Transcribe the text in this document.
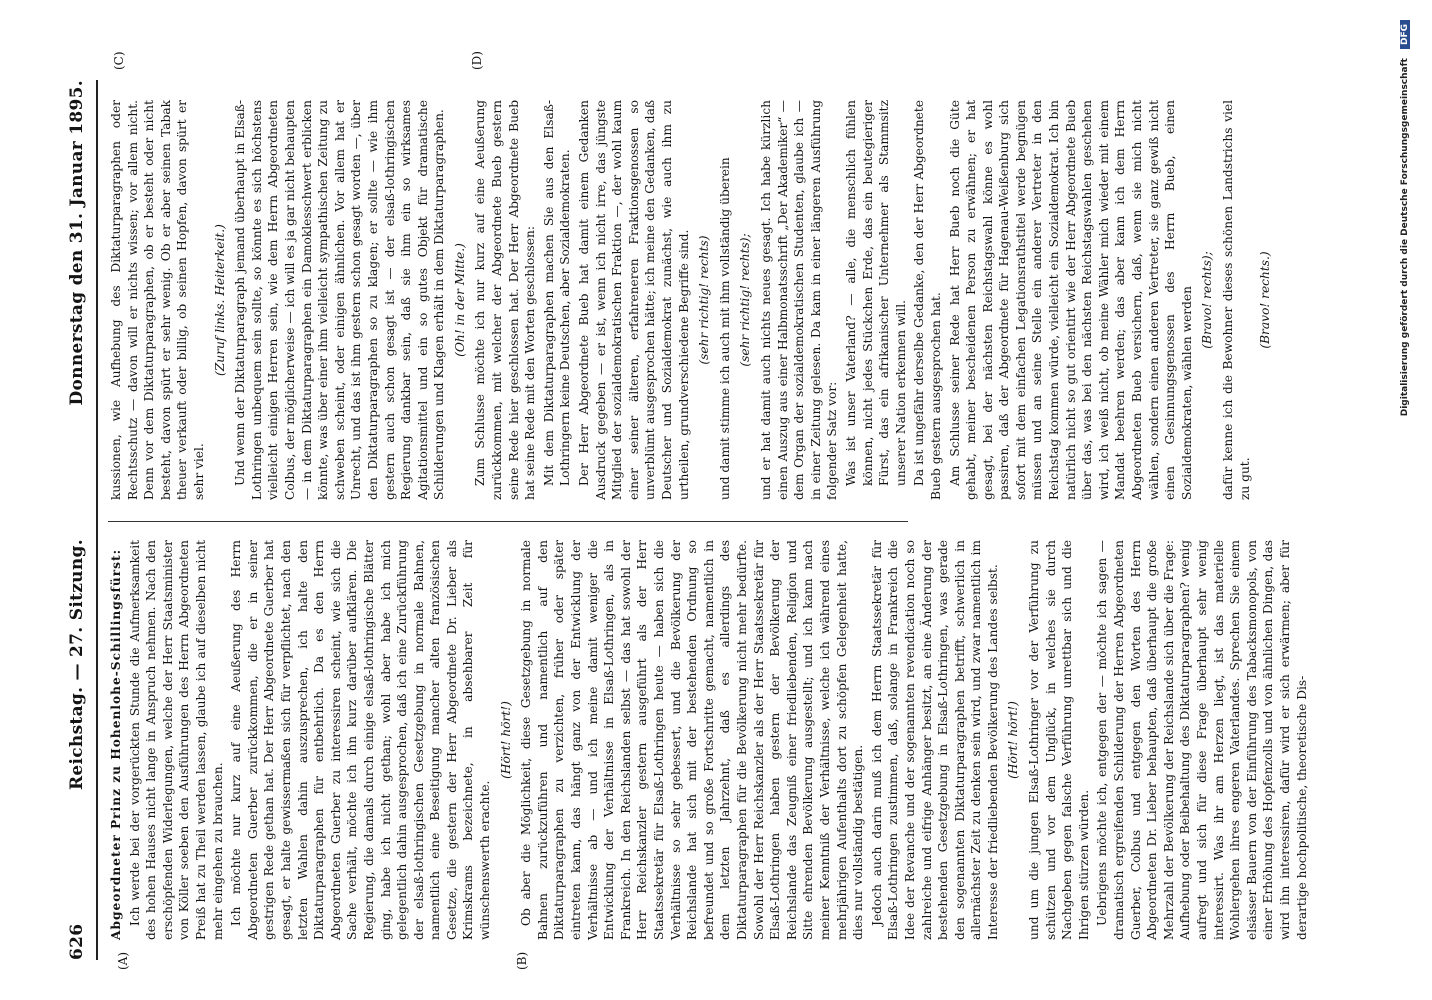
626
Reichstag. — 27. Sitzung.
Donnerstag den 31. Januar 1895.
(A)	(B)
(C)	(D)

Abgeordneter Prinz zu Hohenlohe-Schillingsfürst: Ich werde bei der vorgerückten Stunde die Aufmerksamkeit des hohen Hauses nicht lange in Anspruch nehmen. Nach den erschöpfenden Widerlegungen, welche der Herr Staatsminister von Köller soeben den Ausführungen des Herrn Abgeordneten Preiß hat zu Theil werden lassen, glaube ich auf dieselben nicht mehr eingehen zu brauchen. Ich möchte nur kurz auf eine Aeußerung des Herrn Abgeordneten Guerber zurückkommen, die er in seiner gestrigen Rede gethan hat. Der Herr Abgeordnete Guerber hat gesagt, er halte gewissermaßen sich für verpflichtet, nach den letzten Wahlen dahin auszusprechen, ich halte den Diktaturparagraphen für entbehrlich. Da es den Herrn Abgeordneten Guerber zu interessiren scheint, wie sich die Sache verhält, möchte ich ihn kurz darüber aufklären. Die Regierung, die damals durch einige elsaß-lothringische Blätter ging, habe ich nicht gethan; wohl aber habe ich mich gelegentlich dahin ausgesprochen, daß ich eine Zurückführung der elsaß-lothringischen Gesetzgebung in normale Bahnen, namentlich eine Beseitigung mancher alten französischen Gesetze, die gestern der Herr Abgeordnete Dr. Lieber als Krimskrams bezeichnete, in absehbarer Zeit für wünschenswerth erachte.

(Hört! hört!) Ob aber die Möglichkeit, diese Gesetzgebung in normale Bahnen zurückzuführen und namentlich auf den Diktaturparagraphen zu verzichten, früher oder später eintreten kann, das hängt ganz von der Entwicklung der Verhältnisse ab — und ich meine damit weniger die Entwicklung der Verhältnisse in Elsaß-Lothringen, als in Frankreich. In den Reichslanden selbst — das hat sowohl der Herr Reichskanzler gestern ausgeführt als der Herr Staatssekretär für Elsaß-Lothringen heute — haben sich die Verhältnisse so sehr gebessert, und die Bevölkerung der Reichslande hat sich mit der bestehenden Ordnung so befreundet und so große Fortschritte gemacht, namentlich in dem letzten Jahrzehnt, daß es allerdings des Diktaturparagraphen für die Bevölkerung nicht mehr bedürfte. Sowohl der Herr Reichskanzler als der Herr Staatssekretär für Elsaß-Lothringen haben gestern der Bevölkerung der Reichslande das Zeugniß einer friedliebenden, Religion und Sitte ehrenden Bevölkerung ausgestellt; und ich kann nach meiner Kenntniß der Verhältnisse, welche ich während eines mehrjährigen Aufenthalts dort zu schöpfen Gelegenheit hatte, dies nur vollständig bestätigen. Jedoch auch darin muß ich dem Herrn Staatssekretär für Elsaß-Lothringen zustimmen, daß, solange in Frankreich die Idee der Revanche und der sogenannten revendication noch so zahlreiche und eifrige Anhänger besitzt, an eine Änderung der bestehenden Gesetzgebung in Elsaß-Lothringen, was gerade den sogenannten Diktaturparagraphen betrifft, schwerlich in allernächster Zeit zu denken sein wird, und zwar namentlich im Interesse der friedliebenden Bevölkerung des Landes selbst. (Hört! hört!) und um die jungen Elsaß-Lothringer vor der Verführung zu schützen und vor dem Unglück, in welches sie durch Nachgeben gegen falsche Verführung unrettbar sich und die Ihrigen stürzen würden. Uebrigens möchte ich, entgegen der — möchte ich sagen — dramatisch ergreifenden Schilderung der Herren Abgeordneten Guerber, Colbus und entgegen den Worten des Herrn Abgeordneten Dr. Lieber behaupten, daß überhaupt die große Mehrzahl der Bevölkerung der Reichslande sich über die Frage: Aufhebung oder Beibehaltung des Diktaturparagraphen? wenig aufregt und sich für diese Frage überhaupt sehr wenig interessirt. Was ihr am Herzen liegt, ist das materielle Wohlergehen ihres engeren Vaterlandes. Sprechen Sie einem elsässer Bauern von der Einführung des Tabacksmonopols, von einer Erhöhung des Hopfenzolls und von ähnlichen Dingen, das wird ihn interessiren, dafür wird er sich erwärmen; aber für derartige hochpolitische, theoretische Dis-

kussionen, wie Aufhebung des Diktaturparagraphen oder Rechtsschutz — davon will er nichts wissen; vor allem nicht. Denn vor dem Diktaturparagraphen, ob er besteht oder nicht besteht, davon spürt er sehr wenig. Ob er aber seinen Tabak theuer verkauft oder billig, ob seinen Hopfen, davon spürt er sehr viel.

(Zuruf links. Heiterkeit.) Und wenn der Diktaturparagraph jemand überhaupt in Elsaß-Lothringen unbequem sein sollte, so könnte es sich höchstens vielleicht einigen Herren sein, wie dem Herrn Abgeordneten Colbus, der möglicherweise — ich will es ja gar nicht behaupten — in dem Diktaturparagraphen ein Damoklesschwert erblicken könnte, was über einer ihm vielleicht sympathischen Zeitung zu schweben scheint, oder einigen ähnlichen. Vor allem hat er Unrecht, und das ist ihm gestern schon gesagt worden —, über den Diktaturparagraphen so zu klagen; er sollte — wie ihm gestern auch schon gesagt ist — der elsaß-lothringischen Regierung dankbar sein, daß sie ihm ein so wirksames Agitationsmittel und ein so gutes Objekt für dramatische Schilderungen und Klagen erhält in dem Diktaturparagraphen. (Oh! in der Mitte.) Zum Schlusse möchte ich nur kurz auf eine Aeußerung zurückkommen, mit welcher der Abgeordnete Bueb gestern seine Rede hier geschlossen hat. Der Herr Abgeordnete Bueb hat seine Rede mit den Worten geschlossen: Mit dem Diktaturparagraphen machen Sie aus den Elsaß-Lothringern keine Deutschen, aber Sozialdemokraten. Der Herr Abgeordnete Bueb hat damit einem Gedanken Ausdruck gegeben — er ist, wenn ich nicht irre, das jüngste Mitglied der sozialdemokratischen Fraktion —, der wohl kaum einer seiner älteren, erfahreneren Fraktionsgenossen so unverblümt ausgesprochen hätte; ich meine den Gedanken, daß Deutscher und Sozialdemokrat zunächst, wie auch ihm zu urtheilen, grundverschiedene Begriffe sind. (sehr richtig! rechts) und damit stimme ich auch mit ihm vollständig überein (sehr richtig! rechts); und er hat damit auch nichts neues gesagt. Ich habe kürzlich einen Auszug aus einer Halbmonatsschrift „Der Akademiker“ — dem Organ der sozialdemokratischen Studenten, glaube ich — in einer Zeitung gelesen. Da kam in einer längeren Ausführung folgender Satz vor: Was ist unser Vaterland? — alle, die menschlich fühlen können, nicht jedes Stückchen Erde, das ein beutegieriger Fürst, das ein afrikanischer Unternehmer als Stammsitz unserer Nation erkennen will. Da ist ungefähr derselbe Gedanke, den der Herr Abgeordnete Bueb gestern ausgesprochen hat. Am Schlusse seiner Rede hat Herr Bueb noch die Güte gehabt, meiner bescheidenen Person zu erwähnen; er hat gesagt, bei der nächsten Reichstagswahl könne es wohl passiren, daß der Abgeordnete für Hagenau-Weißenburg sich sofort mit dem einfachen Legationsrathstitel werde begnügen müssen und an seine Stelle ein anderer Vertreter in den Reichstag kommen würde, vielleicht ein Sozialdemokrat. Ich bin natürlich nicht so gut orientirt wie der Herr Abgeordnete Bueb über das, was bei den nächsten Reichstagswahlen geschehen wird, ich weiß nicht, ob meine Wähler mich wieder mit einem Mandat beehren werden; das aber kann ich dem Herrn Abgeordneten Bueb versichern, daß, wenn sie mich nicht wählen, sondern einen anderen Vertreter, sie ganz gewiß nicht einen Gesinnungsgenossen des Herrn Bueb, einen Sozialdemokraten, wählen werden (Bravo! rechts); dafür kenne ich die Bewohner dieses schönen Landstrichs viel zu gut.

(Bravo! rechts.)	Digitalisierung gefördert durch die Deutsche Forschungsgemeinschaft DFG
